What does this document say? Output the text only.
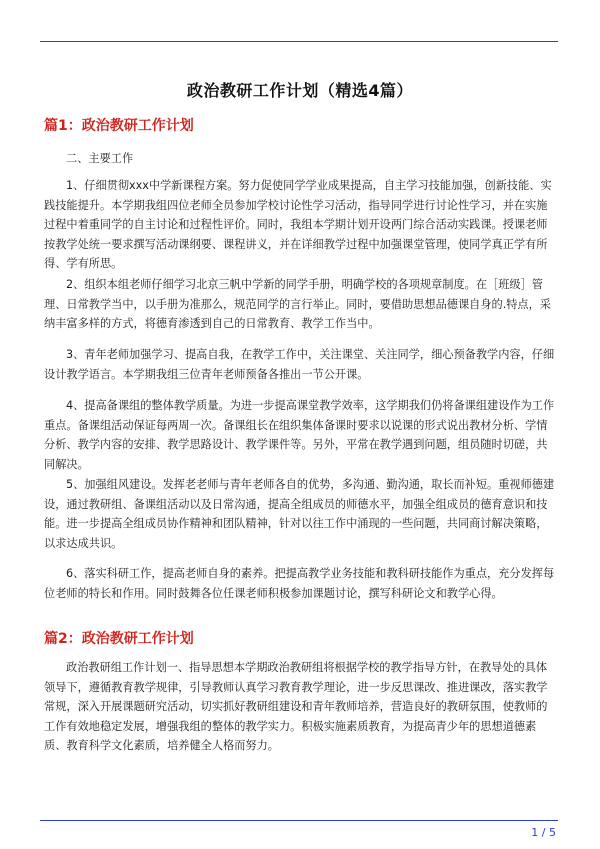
政治教研工作计划（精选4篇）
篇1：政治教研工作计划
二、主要工作
1、仔细贯彻xxx中学新课程方案。努力促使同学学业成果提高，自主学习技能加强，创新技能、实践技能提升。本学期我组四位老师全员参加学校讨论性学习活动，指导同学进行讨论性学习，并在实施过程中着重同学的自主讨论和过程性评价。同时，我组本学期计划开设两门综合活动实践课。授课老师按教学处统一要求撰写活动课纲要、课程讲义，并在详细教学过程中加强课堂管理，使同学真正学有所得、学有所思。
2、组织本组老师仔细学习北京三帆中学新的同学手册，明确学校的各项规章制度。在［班级］管理、日常教学当中，以手册为准那么，规范同学的言行举止。同时，要借助思想品德课自身的.特点，采纳丰富多样的方式，将德育渗透到自己的日常教育、教学工作当中。
3、青年老师加强学习、提高自我，在教学工作中，关注课堂、关注同学，细心预备教学内容，仔细设计教学语言。本学期我组三位青年老师预备各推出一节公开课。
4、提高备课组的整体教学质量。为进一步提高课堂教学效率，这学期我们仍将备课组建设作为工作重点。备课组活动保证每两周一次。备课组长在组织集体备课时要求以说课的形式说出教材分析、学情分析、教学内容的安排、教学思路设计、教学课件等。另外，平常在教学遇到问题，组员随时切磋，共同解决。
5、加强组风建设。发挥老老师与青年老师各自的优势，多沟通、勤沟通，取长而补短。重视师德建设，通过教研组、备课组活动以及日常沟通，提高全组成员的师德水平，加强全组成员的德育意识和技能。进一步提高全组成员协作精神和团队精神，针对以往工作中涌现的一些问题，共同商讨解决策略，以求达成共识。
6、落实科研工作，提高老师自身的素养。把提高教学业务技能和教科研技能作为重点，充分发挥每位老师的特长和作用。同时鼓舞各位任课老师积极参加课题讨论，撰写科研论文和教学心得。
篇2：政治教研工作计划
政治教研组工作计划一、指导思想本学期政治教研组将根据学校的教学指导方针，在教导处的具体领导下，遵循教育教学规律，引导教师认真学习教育教学理论，进一步反思课改、推进课改，落实教学常规，深入开展课题研究活动，切实抓好教研组建设和青年教师培养，营造良好的教研氛围，使教师的工作有效地稳定发展，增强我组的整体的教学实力。积极实施素质教育，为提高青少年的思想道德素质、教育科学文化素质，培养健全人格而努力。
1 / 5
